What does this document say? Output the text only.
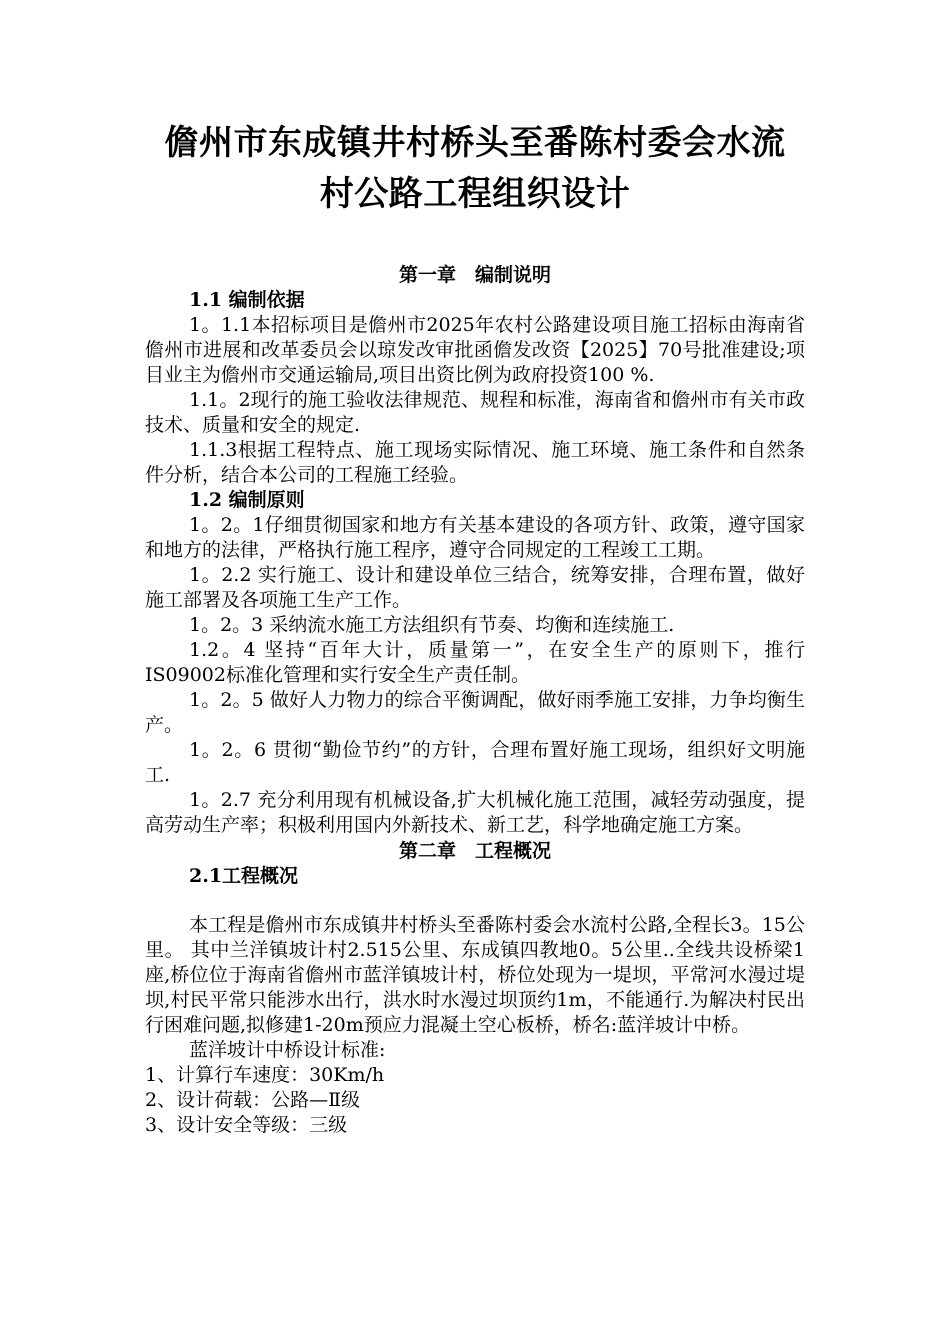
儋州市东成镇井村桥头至番陈村委会水流
村公路工程组织设计
第一章　编制说明
1.1 编制依据

1。1.1本招标项目是儋州市2025年农村公路建设项目施工招标由海南省儋州市进展和改革委员会以琼发改审批函儋发改资【2025】70号批准建设;项目业主为儋州市交通运输局,项目出资比例为政府投资100 %.

1.1。2现行的施工验收法律规范、规程和标准，海南省和儋州市有关市政技术、质量和安全的规定.

1.1.3根据工程特点、施工现场实际情况、施工环境、施工条件和自然条件分析，结合本公司的工程施工经验。

1.2 编制原则

1。2。1仔细贯彻国家和地方有关基本建设的各项方针、政策，遵守国家和地方的法律，严格执行施工程序，遵守合同规定的工程竣工工期。

1。2.2 实行施工、设计和建设单位三结合，统筹安排，合理布置，做好施工部署及各项施工生产工作。

1。2。3 采纳流水施工方法组织有节奏、均衡和连续施工.

1.2。4 坚持“百年大计，质量第一”，在安全生产的原则下，推行IS09002标准化管理和实行安全生产责任制。

1。2。5 做好人力物力的综合平衡调配，做好雨季施工安排，力争均衡生产。

1。2。6 贯彻“勤俭节约”的方针，合理布置好施工现场，组织好文明施工.

1。2.7 充分利用现有机械设备,扩大机械化施工范围，减轻劳动强度，提高劳动生产率；积极利用国内外新技术、新工艺，科学地确定施工方案。

第二章　工程概况
2.1工程概况

本工程是儋州市东成镇井村桥头至番陈村委会水流村公路,全程长3。15公里。 其中兰洋镇坡计村2.515公里、东成镇四教地0。5公里..全线共设桥梁1座,桥位位于海南省儋州市蓝洋镇坡计村，桥位处现为一堤坝，平常河水漫过堤坝,村民平常只能涉水出行，洪水时水漫过坝顶约1m，不能通行.为解决村民出行困难问题,拟修建1-20m预应力混凝土空心板桥，桥名:蓝洋坡计中桥。

蓝洋坡计中桥设计标准:

1、计算行车速度：30Km/h

2、设计荷载：公路—Ⅱ级

3、设计安全等级：三级
